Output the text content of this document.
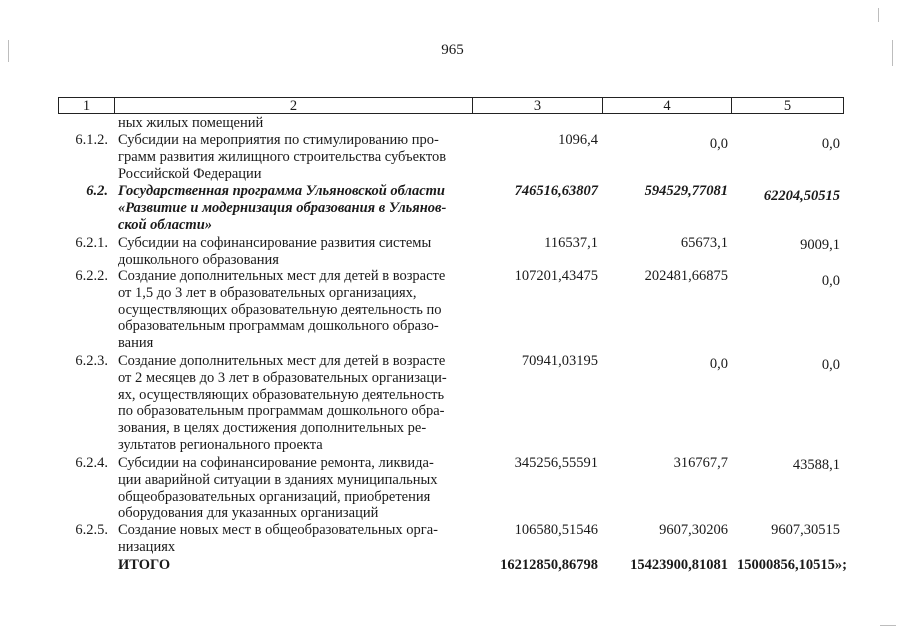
965
1	2	3	4	5
ных жилых помещений
6.1.2. Субсидии на мероприятия по стимулированию про-
грамм развития жилищного строительства субъектов
Российской Федерации
1096,4	0,0	0,0
6.2. Государственная программа Ульяновской области
«Развитие и модернизация образования в Ульянов-
ской области»
746516,63807	594529,77081	62204,50515
6.2.1. Субсидии на софинансирование развития системы
дошкольного образования
116537,1	65673,1	9009,1
6.2.2. Создание дополнительных мест для детей в возрасте
от 1,5 до 3 лет в образовательных организациях,
осуществляющих образовательную деятельность по
образовательным программам дошкольного образо-
вания
107201,43475	202481,66875	0,0
6.2.3. Создание дополнительных мест для детей в возрасте
от 2 месяцев до 3 лет в образовательных организаци-
ях, осуществляющих образовательную деятельность
по образовательным программам дошкольного обра-
зования, в целях достижения дополнительных ре-
зультатов регионального проекта
70941,03195	0,0	0,0
6.2.4. Субсидии на софинансирование ремонта, ликвида-
ции аварийной ситуации в зданиях муниципальных
общеобразовательных организаций, приобретения
оборудования для указанных организаций
345256,55591	316767,7	43588,1
6.2.5. Создание новых мест в общеобразовательных орга-
низациях
106580,51546	9607,30206	9607,30515
ИТОГО	16212850,86798	15423900,81081 15000856,10515»;
